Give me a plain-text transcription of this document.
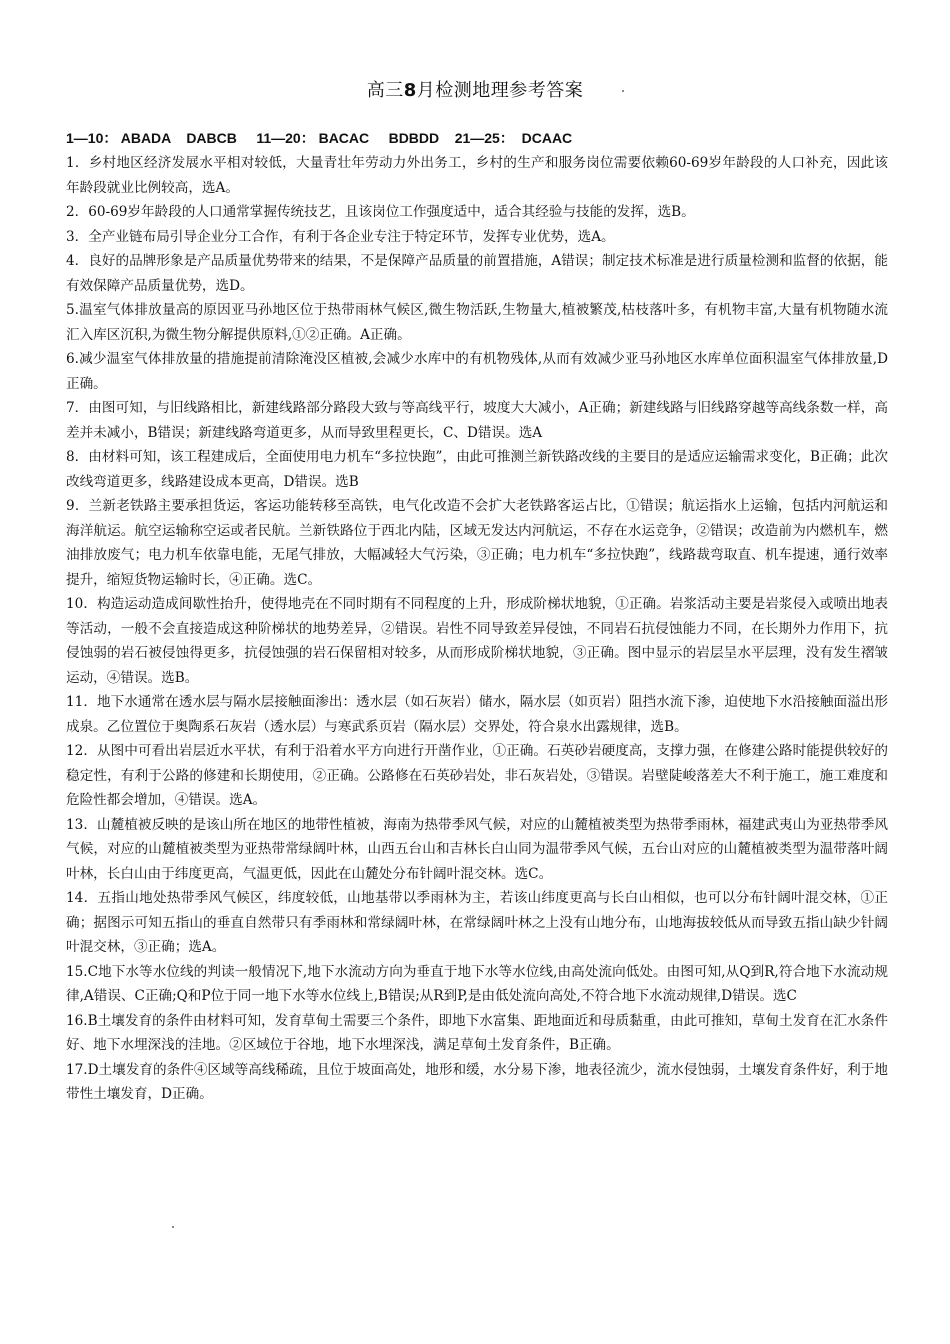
高三8月检测地理参考答案
1—10： ABADA    DABCB     11—20： BACAC     BDBDD    21—25：  DCAAC

1．乡村地区经济发展水平相对较低，大量青壮年劳动力外出务工，乡村的生产和服务岗位需要依赖60-69岁年龄段的人口补充，因此该年龄段就业比例较高，选A。

2．60-69岁年龄段的人口通常掌握传统技艺，且该岗位工作强度适中，适合其经验与技能的发挥，选B。

3．全产业链布局引导企业分工合作，有利于各企业专注于特定环节，发挥专业优势，选A。

4．良好的品牌形象是产品质量优势带来的结果，不是保障产品质量的前置措施，A错误；制定技术标准是进行质量检测和监督的依据，能有效保障产品质量优势，选D。

5.温室气体排放量高的原因亚马孙地区位于热带雨林气候区,微生物活跃,生物量大,植被繁茂,枯枝落叶多，有机物丰富,大量有机物随水流汇入库区沉积,为微生物分解提供原料,①②正确。A正确。

6.减少温室气体排放量的措施提前清除淹没区植被,会减少水库中的有机物残体,从而有效减少亚马孙地区水库单位面积温室气体排放量,D正确。

7．由图可知，与旧线路相比，新建线路部分路段大致与等高线平行，坡度大大减小，A正确；新建线路与旧线路穿越等高线条数一样，高差并未减小，B错误；新建线路弯道更多，从而导致里程更长，C、D错误。选A

8．由材料可知，该工程建成后，全面使用电力机车“多拉快跑”，由此可推测兰新铁路改线的主要目的是适应运输需求变化，B正确；此次改线弯道更多，线路建设成本更高，D错误。选B

9．兰新老铁路主要承担货运，客运功能转移至高铁，电气化改造不会扩大老铁路客运占比，①错误；航运指水上运输，包括内河航运和海洋航运。航空运输称空运或者民航。兰新铁路位于西北内陆，区域无发达内河航运，不存在水运竞争，②错误；改造前为内燃机车，燃油排放废气；电力机车依靠电能，无尾气排放，大幅减轻大气污染，③正确；电力机车“多拉快跑”，线路裁弯取直、机车提速，通行效率提升，缩短货物运输时长，④正确。选C。

10．构造运动造成间歇性抬升，使得地壳在不同时期有不同程度的上升，形成阶梯状地貌，①正确。岩浆活动主要是岩浆侵入或喷出地表等活动，一般不会直接造成这种阶梯状的地势差异，②错误。岩性不同导致差异侵蚀，不同岩石抗侵蚀能力不同，在长期外力作用下，抗侵蚀弱的岩石被侵蚀得更多，抗侵蚀强的岩石保留相对较多，从而形成阶梯状地貌，③正确。图中显示的岩层呈水平层理，没有发生褶皱运动，④错误。选B。

11．地下水通常在透水层与隔水层接触面渗出：透水层（如石灰岩）储水，隔水层（如页岩）阻挡水流下渗，迫使地下水沿接触面溢出形成泉。乙位置位于奥陶系石灰岩（透水层）与寒武系页岩（隔水层）交界处，符合泉水出露规律，选B。

12．从图中可看出岩层近水平状，有利于沿着水平方向进行开凿作业，①正确。石英砂岩硬度高，支撑力强，在修建公路时能提供较好的稳定性，有利于公路的修建和长期使用，②正确。公路修在石英砂岩处，非石灰岩处，③错误。岩壁陡峻落差大不利于施工，施工难度和危险性都会增加，④错误。选A。

13．山麓植被反映的是该山所在地区的地带性植被，海南为热带季风气候，对应的山麓植被类型为热带季雨林，福建武夷山为亚热带季风气候，对应的山麓植被类型为亚热带常绿阔叶林，山西五台山和吉林长白山同为温带季风气候，五台山对应的山麓植被类型为温带落叶阔叶林，长白山由于纬度更高，气温更低，因此在山麓处分布针阔叶混交林。选C。

14．五指山地处热带季风气候区，纬度较低，山地基带以季雨林为主，若该山纬度更高与长白山相似，也可以分布针阔叶混交林，①正确；据图示可知五指山的垂直自然带只有季雨林和常绿阔叶林，在常绿阔叶林之上没有山地分布，山地海拔较低从而导致五指山缺少针阔叶混交林，③正确；选A。

15.C地下水等水位线的判读一般情况下,地下水流动方向为垂直于地下水等水位线,由高处流向低处。由图可知,从Q到R,符合地下水流动规律,A错误、C正确;Q和P位于同一地下水等水位线上,B错误;从R到P,是由低处流向高处,不符合地下水流动规律,D错误。选C

16.B土壤发育的条件由材料可知，发育草甸土需要三个条件，即地下水富集、距地面近和母质黏重，由此可推知，草甸土发育在汇水条件好、地下水埋深浅的洼地。②区域位于谷地，地下水埋深浅，满足草甸土发育条件，B正确。

17.D土壤发育的条件④区域等高线稀疏，且位于坡面高处，地形和缓，水分易下渗，地表径流少，流水侵蚀弱，土壤发育条件好，利于地带性土壤发育，D正确。
